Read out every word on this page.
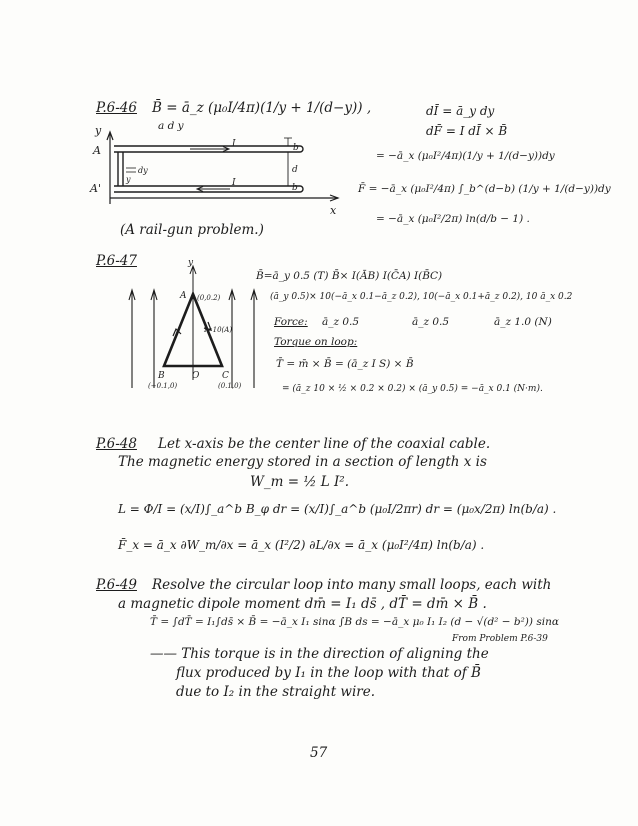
P.6-46 B̄ = ā_z (μ₀I/4π)(1/y + 1/(d−y)) ,
a d y
dĪ = ā_y dy
dF̄ = I dĪ × B̄
= −ā_x (μ₀I²/4π)(1/y + 1/(d−y))dy
F̄ = −ā_x (μ₀I²/4π) ∫_b^(d−b) (1/y + 1/(d−y))dy
= −ā_x (μ₀I²/2π) ln(d/b − 1) .
(A rail-gun problem.)
y
x
A
A'
I
I
b
d
b
dy
y
P.6-47
B̄=ā_y 0.5 (T) B̄× I(ĀB) I(C̄A) I(B̄C)
(ā_y 0.5)× 10(−ā_x 0.1−ā_z 0.2), 10(−ā_x 0.1+ā_z 0.2), 10 ā_x 0.2
Force: ā_z 0.5	ā_z 0.5	ā_z 1.0 (N)
Torque on loop:
T̄ = m̄ × B̄ = (ā_z I S) × B̄
= (ā_z 10 × ½ × 0.2 × 0.2) × (ā_y 0.5) = −ā_x 0.1 (N·m).
y
A (0,0.2)
I=10(A)
B
(−0.1,0)
O	C
(0.1,0)
P.6-48 Let x-axis be the center line of the coaxial cable.
The magnetic energy stored in a section of length x is
W_m = ½ L I².
L = Φ/I = (x/I)∫_a^b B_φ dr = (x/I)∫_a^b (μ₀I/2πr) dr = (μ₀x/2π) ln(b/a) .
F̄_x = ā_x ∂W_m/∂x = ā_x (I²/2) ∂L/∂x = ā_x (μ₀I²/4π) ln(b/a) .
P.6-49 Resolve the circular loop into many small loops, each with
a magnetic dipole moment dm̄ = I₁ ds̄ , dT̄ = dm̄ × B̄ .
T̄ = ∫dT̄ = I₁∫ds̄ × B̄ = −ā_x I₁ sinα ∫B ds = −ā_x μ₀ I₁ I₂ (d − √(d² − b²)) sinα
From Problem P.6-39
—— This torque is in the direction of aligning the
flux produced by I₁ in the loop with that of B̄
due to I₂ in the straight wire.
57
